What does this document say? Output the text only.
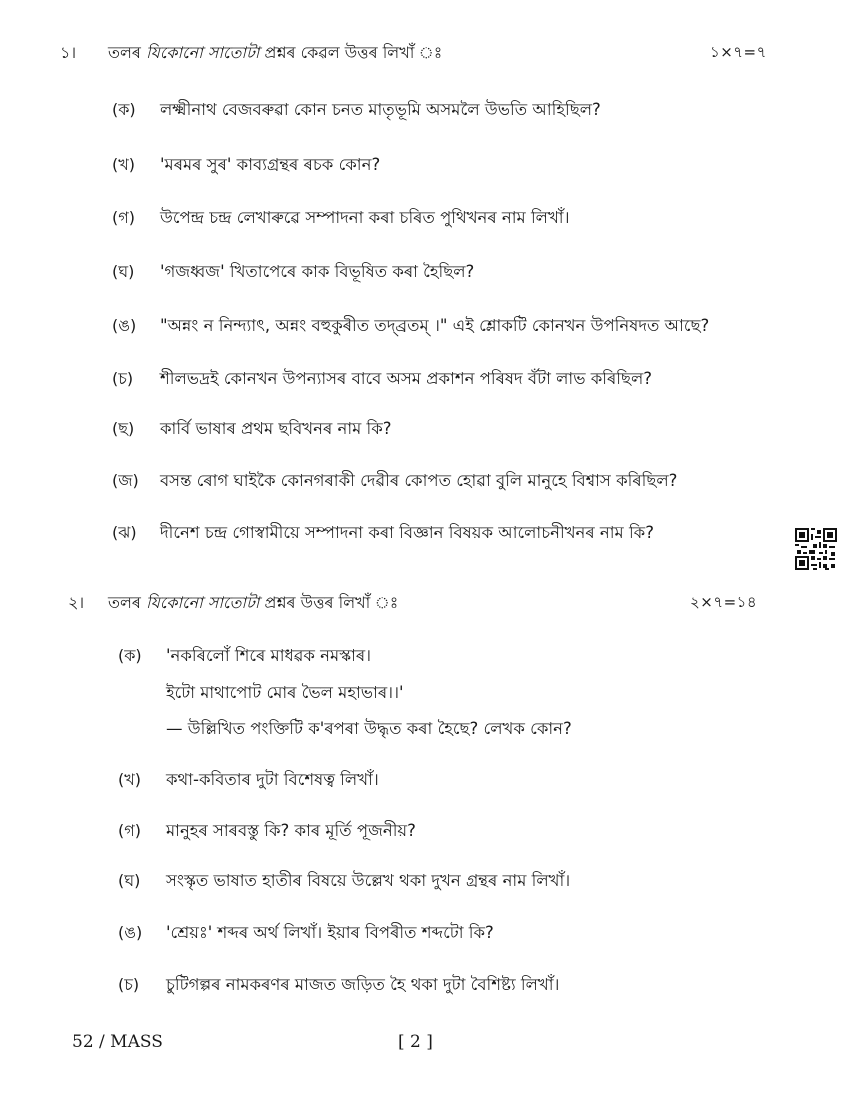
১। তলৰ যিকোনো সাতোটা প্ৰশ্নৰ কেৱল উত্তৰ লিখাঁ ঃ	১×৭=৭
(ক) লক্ষ্মীনাথ বেজবৰুৱা কোন চনত মাতৃভূমি অসমলৈ উভতি আহিছিল?
(খ) 'মৰমৰ সুৰ' কাব্যগ্ৰন্থৰ ৰচক কোন?
(গ) উপেন্দ্ৰ চন্দ্ৰ লেখাৰুৱে সম্পাদনা কৰা চৰিত পুথিখনৰ নাম লিখাঁ।
(ঘ) 'গজধ্বজ' খিতাপেৰে কাক বিভূষিত কৰা হৈছিল?
(ঙ) "অন্নং ন নিন্দ্যাৎ, অন্নং বহুকুৰীত তদ্‌ব্ৰতম্ ।" এই শ্লোকটি কোনখন উপনিষদত আছে?
(চ) শীলভদ্ৰই কোনখন উপন্যাসৰ বাবে অসম প্ৰকাশন পৰিষদ বঁটা লাভ কৰিছিল?
(ছ) কাৰ্বি ভাষাৰ প্ৰথম ছবিখনৰ নাম কি?
(জ) বসন্ত ৰোগ ঘাইকৈ কোনগৰাকী দেৱীৰ কোপত হোৱা বুলি মানুহে বিশ্বাস কৰিছিল?
(ঝ) দীনেশ চন্দ্ৰ গোস্বামীয়ে সম্পাদনা কৰা বিজ্ঞান বিষয়ক আলোচনীখনৰ নাম কি?
২। তলৰ যিকোনো সাতোটা প্ৰশ্নৰ উত্তৰ লিখাঁ ঃ	২×৭=১৪
(ক) 'নকৰিলোঁ শিৰে মাধৱক নমস্কাৰ।
ইটো মাথাপোট মোৰ ভৈল মহাভাৰ।।'
— উল্লিখিত পংক্তিটি ক'ৰপৰা উদ্ধৃত কৰা হৈছে? লেখক কোন?
(খ) কথা-কবিতাৰ দুটা বিশেষত্ব লিখাঁ।
(গ) মানুহৰ সাৰবস্তু কি? কাৰ মূৰ্তি পূজনীয়?
(ঘ) সংস্কৃত ভাষাত হাতীৰ বিষয়ে উল্লেখ থকা দুখন গ্ৰন্থৰ নাম লিখাঁ।
(ঙ) 'শ্ৰেয়ঃ' শব্দৰ অৰ্থ লিখাঁ। ইয়াৰ বিপৰীত শব্দটো কি?
(চ) চুটিগল্পৰ নামকৰণৰ মাজত জড়িত হৈ থকা দুটা বৈশিষ্ট্য লিখাঁ।
52 / MASS	[ 2 ]
